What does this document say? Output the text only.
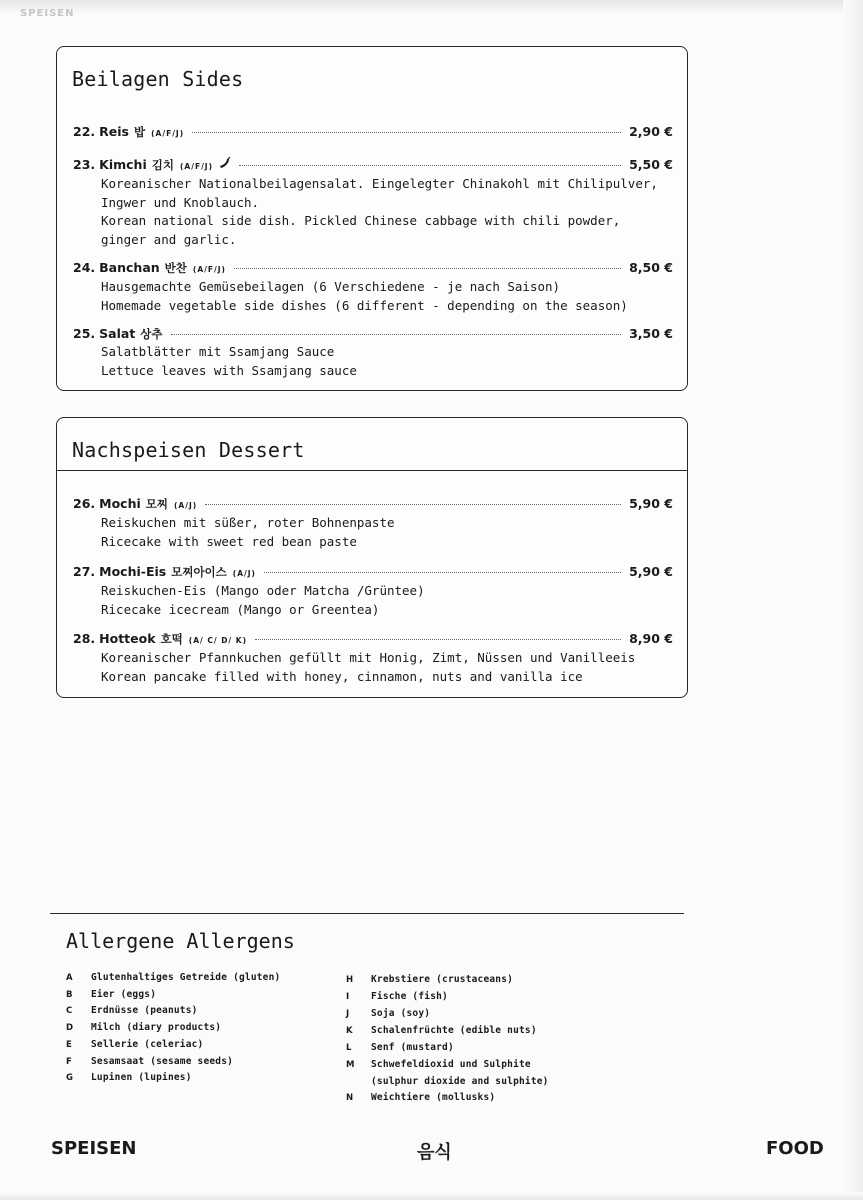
SPEISEN
Beilagen Sides
22. Reis 밥 (A/F/J)	2,90 €
23. Kimchi 김치 (A/F/J)	5,50 €
Koreanischer Nationalbeilagensalat. Eingelegter Chinakohl mit Chilipulver,
Ingwer und Knoblauch.
Korean national side dish. Pickled Chinese cabbage with chili powder,
ginger and garlic.
24. Banchan 반찬 (A/F/J)	8,50 €
Hausgemachte Gemüsebeilagen (6 Verschiedene - je nach Saison)
Homemade vegetable side dishes (6 different - depending on the season)
25. Salat 상추	3,50 €
Salatblätter mit Ssamjang Sauce
Lettuce leaves with Ssamjang sauce
Nachspeisen Dessert
26. Mochi 모찌 (A/J)	5,90 €
Reiskuchen mit süßer, roter Bohnenpaste
Ricecake with sweet red bean paste
27. Mochi-Eis 모찌아이스 (A/J)	5,90 €
Reiskuchen-Eis (Mango oder Matcha /Grüntee)
Ricecake icecream (Mango or Greentea)
28. Hotteok 호떡 (A/ C/ D/ K)	8,90 €
Koreanischer Pfannkuchen gefüllt mit Honig, Zimt, Nüssen und Vanilleeis
Korean pancake filled with honey, cinnamon, nuts and vanilla ice
Allergene Allergens
A Glutenhaltiges Getreide (gluten)
B Eier (eggs)
C Erdnüsse (peanuts)
D Milch (diary products)
E Sellerie (celeriac)
F Sesamsaat (sesame seeds)
G Lupinen (lupines)
H Krebstiere (crustaceans)
I Fische (fish)
J Soja (soy)
K Schalenfrüchte (edible nuts)
L Senf (mustard)
M Schwefeldioxid und Sulphite
(sulphur dioxide and sulphite)
N Weichtiere (mollusks)
SPEISEN	음식	FOOD
